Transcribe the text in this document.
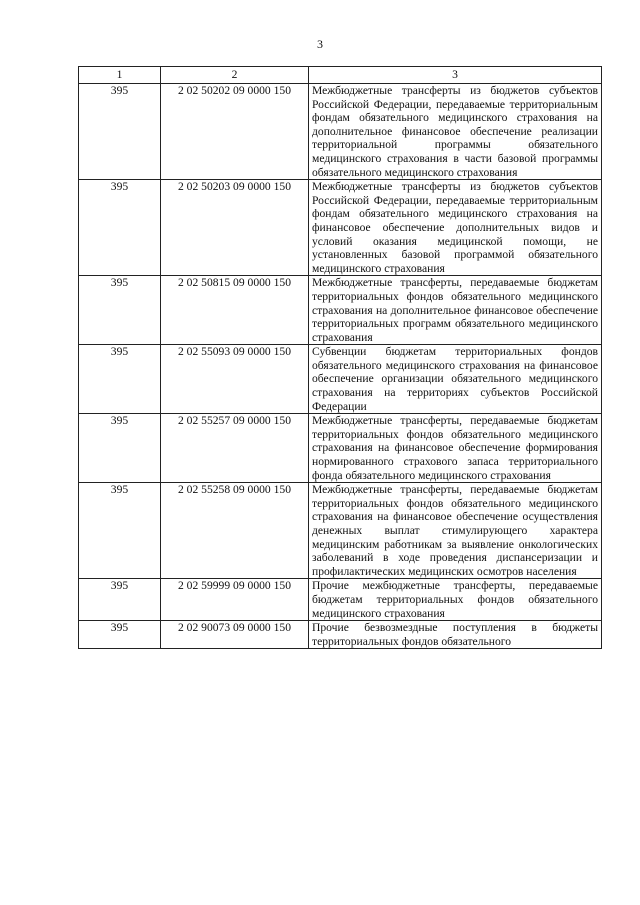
3
1	2	3
395	2 02 50202 09 0000 150	Межбюджетные трансферты из бюджетов субъектов Российской Федерации, передаваемые территориальным фондам обязательного медицинского страхования на дополнительное финансовое обеспечение реализации территориальной программы обязательного медицинского страхования в части базовой программы обязательного медицинского страхования
395	2 02 50203 09 0000 150	Межбюджетные трансферты из бюджетов субъектов Российской Федерации, передаваемые территориальным фондам обязательного медицинского страхования на финансовое обеспечение дополнительных видов и условий оказания медицинской помощи, не установленных базовой программой обязательного медицинского страхования
395	2 02 50815 09 0000 150	Межбюджетные трансферты, передаваемые бюджетам территориальных фондов обязательного медицинского страхования на дополнительное финансовое обеспечение территориальных программ обязательного медицинского страхования
395	2 02 55093 09 0000 150	Субвенции бюджетам территориальных фондов обязательного медицинского страхования на финансовое обеспечение организации обязательного медицинского страхования на территориях субъектов Российской Федерации
395	2 02 55257 09 0000 150	Межбюджетные трансферты, передаваемые бюджетам территориальных фондов обязательного медицинского страхования на финансовое обеспечение формирования нормированного страхового запаса территориального фонда обязательного медицинского страхования
395	2 02 55258 09 0000 150	Межбюджетные трансферты, передаваемые бюджетам территориальных фондов обязательного медицинского страхования на финансовое обеспечение осуществления денежных выплат стимулирующего характера медицинским работникам за выявление онкологических заболеваний в ходе проведения диспансеризации и профилактических медицинских осмотров населения
395	2 02 59999 09 0000 150	Прочие межбюджетные трансферты, передаваемые бюджетам территориальных фондов обязательного медицинского страхования
395	2 02 90073 09 0000 150	Прочие безвозмездные поступления в бюджеты территориальных фондов обязательного
